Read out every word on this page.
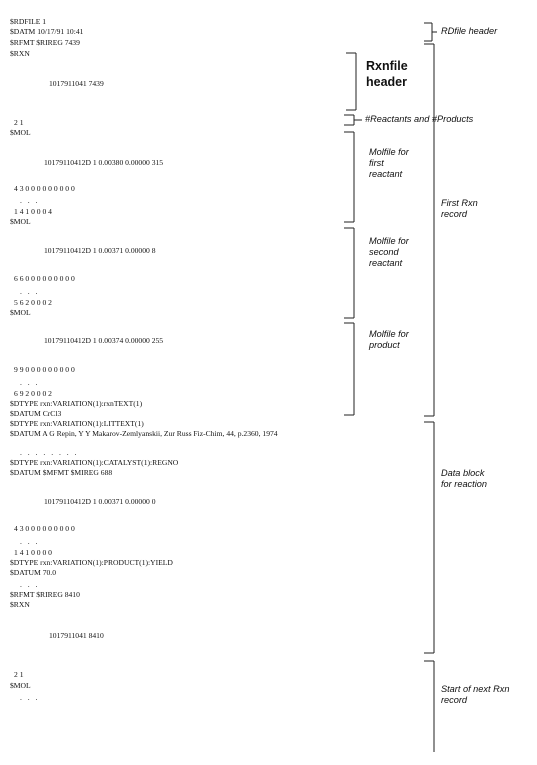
$RDFILE 1
$DATM 10/17/91 10:41
$RFMT $RIREG 7439
$RXN
1017911041 7439
2 1
$MOL
10179110412D 1 0.00380 0.00000 315
4 3 0 0 0 0 0 0 0 0 0
. . .
1 4 1 0 0 0 4
$MOL
10179110412D 1 0.00371 0.00000 8
6 6 0 0 0 0 0 0 0 0 0
. . .
5 6 2 0 0 0 2
$MOL
10179110412D 1 0.00374 0.00000 255
9 9 0 0 0 0 0 0 0 0 0
. . .
6 9 2 0 0 0 2
$DTYPE rxn:VARIATION(1):rxnTEXT(1)
$DATUM CrCl3
$DTYPE rxn:VARIATION(1):LITTEXT(1)
$DATUM A G Repin, Y Y Makarov-Zemlyanskii, Zur Russ Fiz-Chim, 44, p.2360, 1974
. . . . . . . .
$DTYPE rxn:VARIATION(1):CATALYST(1):REGNO
$DATUM $MFMT $MIREG 688
10179110412D 1 0.00371 0.00000 0
4 3 0 0 0 0 0 0 0 0 0
. . .
1 4 1 0 0 0 0
$DTYPE rxn:VARIATION(1):PRODUCT(1):YIELD
$DATUM 70.0
. . .
$RFMT $RIREG 8410
$RXN
1017911041 8410
2 1
$MOL
. . .
RDfile header
Rxnfile
header
#Reactants and #Products
Molfile for
first
reactant
Molfile for
second
reactant
Molfile for
product
First Rxn
record
Data block
for reaction
Start of next Rxn
record
